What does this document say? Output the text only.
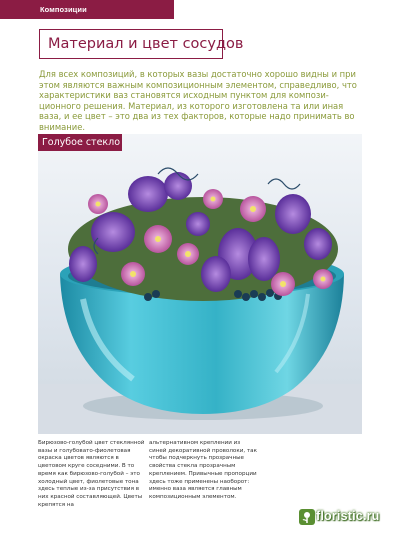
Композиции
Материал и цвет сосудов
Для всех композиций, в которых вазы достаточно хорошо видны и при этом являются важным композиционным элементом, справедливо, что характеристики ваз становятся исходным пунктом для компози-ционного решения. Материал, из которого изготовлена та или иная ваза, и ее цвет – это два из тех факторов, которые надо принимать во внимание.
Голубое стекло
Бирюзово-голубой цвет стеклянной вазы и голубовато-фиолетовая окраска цветов являются в цветовом круге соседними. В то время как бирюзово-голубой – это холодный цвет, фиолетовые тона здесь теплые из-за присутствия в них красной составляющей. Цветы крепятся на
альтернативном креплении из синей декоративной проволоки, так чтобы подчеркнуть прозрачные свойства стекла прозрачным креплением. Привычные пропорции здесь тоже применены наоборот: именно ваза является главным композиционным элементом.
floristic.ru
